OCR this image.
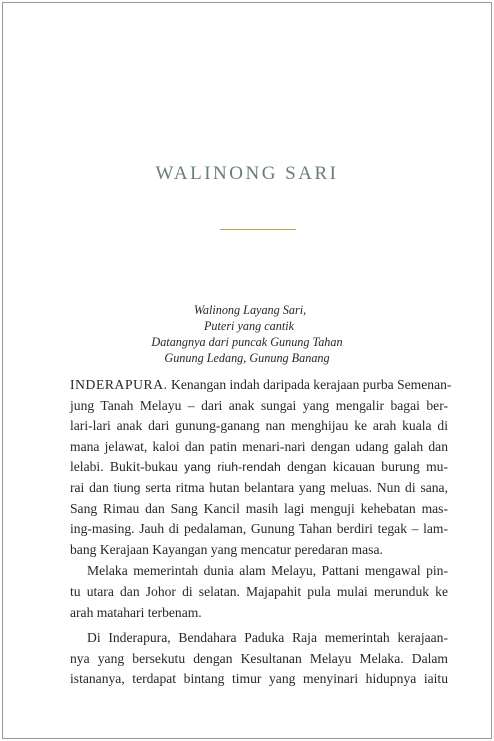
WALINONG SARI
Walinong Layang Sari,
Puteri yang cantik
Datangnya dari puncak Gunung Tahan
Gunung Ledang, Gunung Banang

INDERAPURA. Kenangan indah daripada kerajaan purba Semenan-
jung Tanah Melayu – dari anak sungai yang mengalir bagai ber-
lari-lari anak dari gunung-ganang nan menghijau ke arah kuala di
mana jelawat, kaloi dan patin menari-nari dengan udang galah dan
lelabi. Bukit-bukau yang riuh-rendah dengan kicauan burung mu-
rai dan tiung serta ritma hutan belantara yang meluas. Nun di sana,
Sang Rimau dan Sang Kancil masih lagi menguji kehebatan mas-
ing-masing. Jauh di pedalaman, Gunung Tahan berdiri tegak – lam-
bang Kerajaan Kayangan yang mencatur peredaran masa.

Melaka memerintah dunia alam Melayu, Pattani mengawal pin-
tu utara dan Johor di selatan. Majapahit pula mulai merunduk ke
arah matahari terbenam.

Di Inderapura, Bendahara Paduka Raja memerintah kerajaan-
nya yang bersekutu dengan Kesultanan Melayu Melaka. Dalam
istananya, terdapat bintang timur yang menyinari hidupnya iaitu
